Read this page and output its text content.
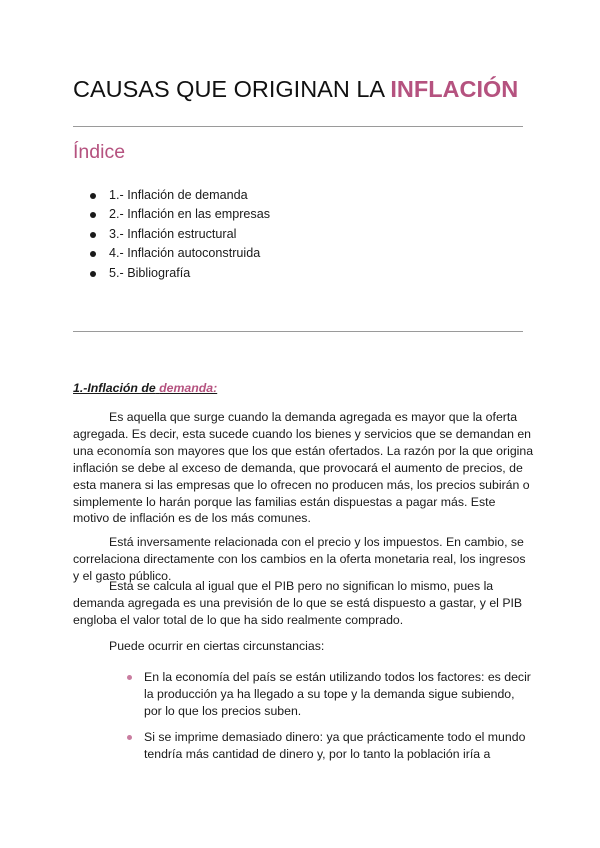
CAUSAS QUE ORIGINAN LA INFLACIÓN
Índice
1.- Inflación de demanda
2.- Inflación en las empresas
3.- Inflación estructural
4.- Inflación autoconstruida
5.- Bibliografía
1.-Inflación de demanda:

Es aquella que surge cuando la demanda agregada es mayor que la oferta
agregada. Es decir, esta sucede cuando los bienes y servicios que se demandan en
una economía son mayores que los que están ofertados. La razón por la que origina
inflación se debe al exceso de demanda, que provocará el aumento de precios, de
esta manera si las empresas que lo ofrecen no producen más, los precios subirán o
simplemente lo harán porque las familias están dispuestas a pagar más. Este
motivo de inflación es de los más comunes.

Está inversamente relacionada con el precio y los impuestos. En cambio, se
correlaciona directamente con los cambios en la oferta monetaria real, los ingresos
y el gasto público.

Esta se calcula al igual que el PIB pero no significan lo mismo, pues la
demanda agregada es una previsión de lo que se está dispuesto a gastar, y el PIB
engloba el valor total de lo que ha sido realmente comprado.

Puede ocurrir en ciertas circunstancias:

En la economía del país se están utilizando todos los factores: es decir
la producción ya ha llegado a su tope y la demanda sigue subiendo,
por lo que los precios suben.
Si se imprime demasiado dinero: ya que prácticamente todo el mundo
tendría más cantidad de dinero y, por lo tanto la población iría a
